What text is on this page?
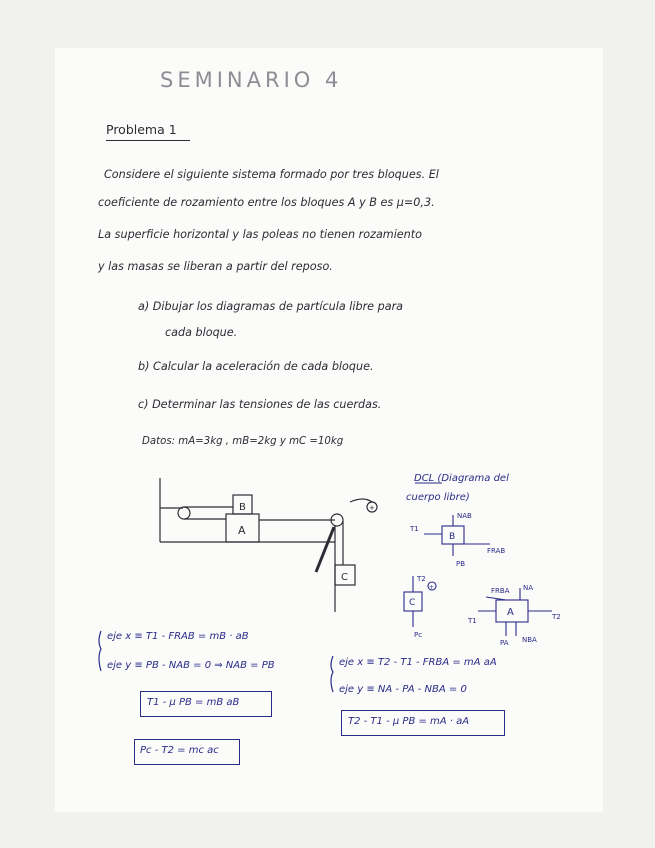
SEMINARIO 4
Problema 1
Considere el siguiente sistema formado por tres bloques. El
coeficiente de rozamiento entre los bloques A y B es μ=0,3.
La superficie horizontal y las poleas no tienen rozamiento
y las masas se liberan a partir del reposo.
a) Dibujar los diagramas de partícula libre para
cada bloque.
b) Calcular la aceleración de cada bloque.
c) Determinar las tensiones de las cuerdas.
Datos: mA=3kg , mB=2kg y mC =10kg
A
B
C
+
DCL (Diagrama del
cuerpo libre)
B
NAB
T1
PB
FRAB
C
T2
Pc
+
A
T1	T2
NA
FRBA
PA NBA
eje x ≡ T1 - FRAB = mB · aB
eje y ≡ PB - NAB = 0 ⇒ NAB = PB
T1 - μ PB = mB aB
Pc - T2 = mc ac
eje x ≡ T2 - T1 - FRBA = mA aA
eje y ≡ NA - PA - NBA = 0
T2 - T1 - μ PB = mA · aA
